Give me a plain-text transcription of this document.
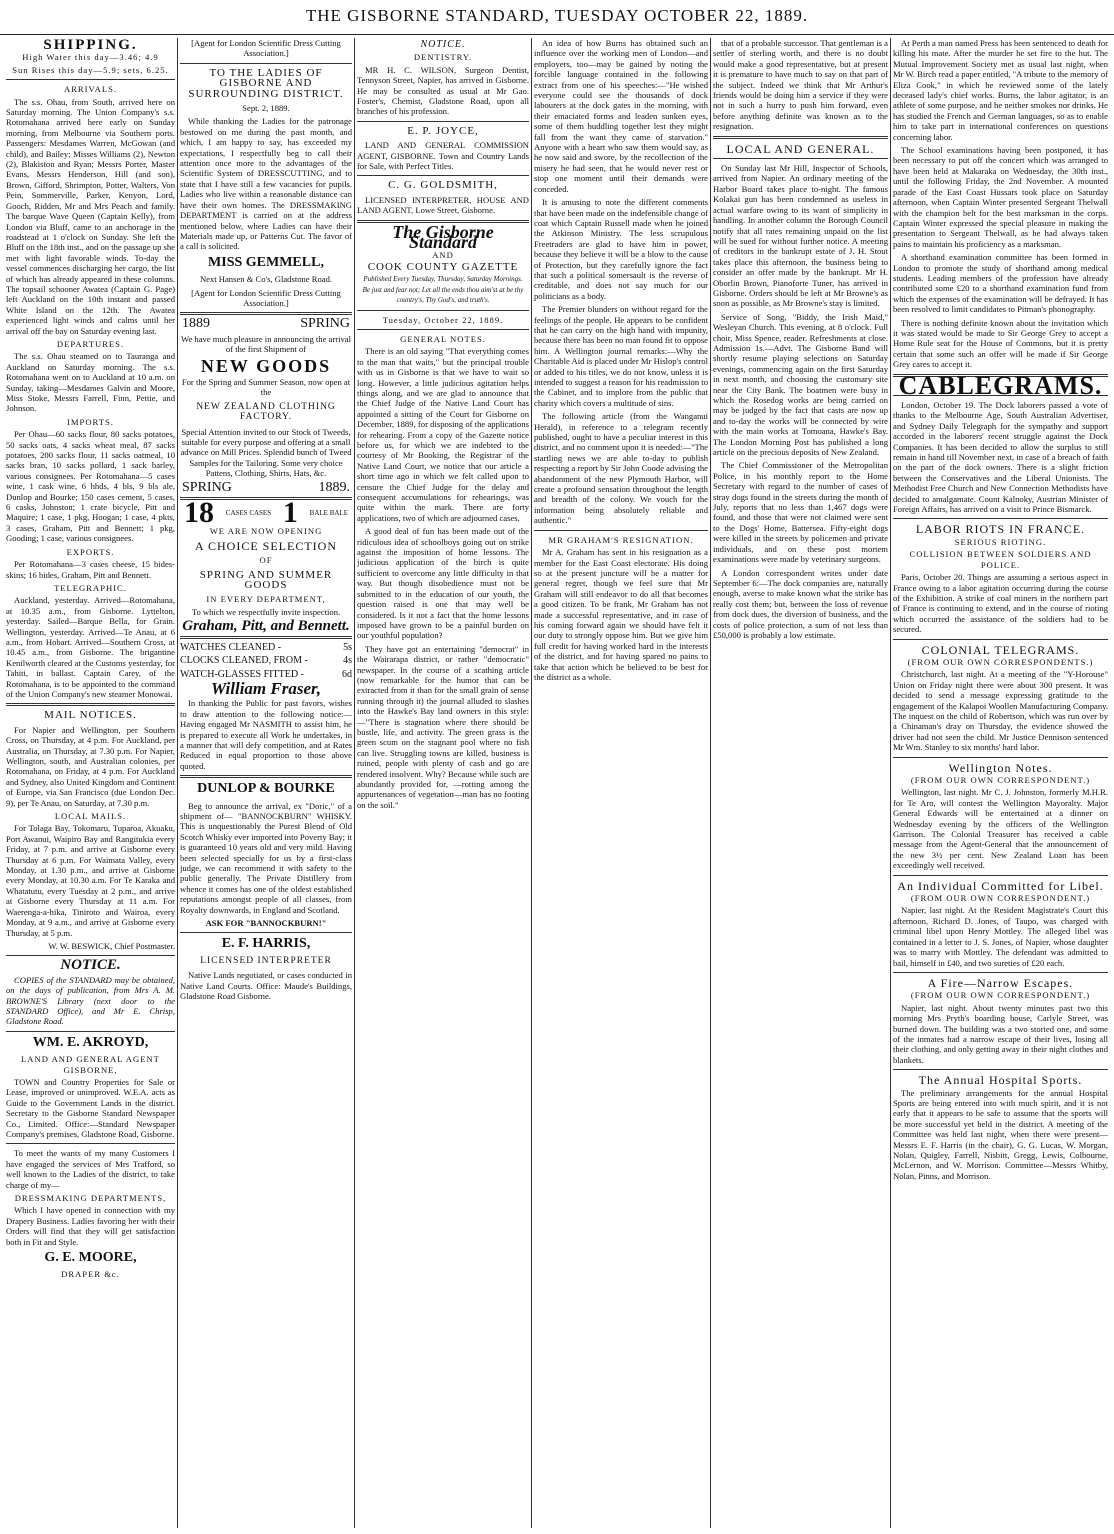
THE GISBORNE STANDARD, TUESDAY OCTOBER 22, 1889.
SHIPPING.
High Water this day—3.46; 4.9
Sun Rises this day—5.9; sets, 6.25.
ARRIVALS.

The s.s. Ohau, from South, arrived here on Saturday morning. The Union Company's s.s. Rotomahana arrived here early on Sunday morning, from Melbourne via Southern ports. Passengers: Mesdames Warren, McGowan (and child), and Bailey; Misses Williams (2), Newton (2), Blakiston and Ryan; Messrs Porter, Master Evans, Messrs Henderson, Hill (and son), Brown, Gifford, Shrimpton, Potter, Walters, Von Pein, Sommerville, Parker, Kenyon, Lord, Gooch, Ridden, Mr and Mrs Peach and family. The barque Wave Queen (Captain Kelly), from London via Bluff, came to an anchorage in the roadstead at 1 o'clock on Sunday. She left the Bluff on the 18th inst., and on the passage up she met with light favorable winds. To-day the vessel commences discharging her cargo, the list of which has already appeared in these columns. The topsail schooner Awatea (Captain G. Page) left Auckland on the 10th instant and passed White Island on the 12th. The Awatea experienced light winds and calms until her arrival off the bay on Saturday evening last.

DEPARTURES.

The s.s. Ohau steamed on to Tauranga and Auckland on Saturday morning. The s.s. Rotomahana went on to Auckland at 10 a.m. on Sunday, taking—Mesdames Galvin and Moore, Miss Stoke, Messrs Farrell, Finn, Pettie, and Johnson.

IMPORTS.

Per Ohau—60 sacks flour, 80 sacks potatoes, 50 sacks oats, 4 sacks wheat meal, 87 sacks potatoes, 200 sacks flour, 11 sacks oatmeal, 10 sacks bran, 10 sacks pollard, 1 sack barley, various consignees. Per Rotomahana—5 cases wine, 1 cask wine, 6 hhds, 4 bls, 9 bls ale, Dunlop and Bourke; 150 cases cement, 5 cases, 6 casks, Johnston; 1 crate bicycle, Pitt and Maquire; 1 case, 1 pkg, Hoogan; 1 case, 4 pkts, 3 cases, Graham, Pitt and Bennett; 1 pkg, Gooding; 1 case, various consignees.

EXPORTS.

Per Rotomahana—3 cases cheese, 15 bides-skins; 16 bides, Graham, Pitt and Bennett.

TELEGRAPHIC.

Auckland, yesterday. Arrived—Rotomahana, at 10.35 a.m., from Gisborne. Lyttelton, yesterday. Sailed—Barque Bella, for Grain. Wellington, yesterday. Arrived—Te Anau, at 6 a.m., from Hobart. Arrived—Southern Cross, at 10.45 a.m., from Gisborne. The brigantine Kenilworth cleared at the Customs yesterday, for Tahiti, in ballast. Captain Carey, of the Rotomahana, is to be appointed to the command of the Union Company's new steamer Monowai.

MAIL NOTICES.

For Napier and Wellington, per Southern Cross, on Thursday, at 4 p.m. For Auckland, per Australia, on Thursday, at 7.30 p.m. For Napier, Wellington, south, and Australian colonies, per Rotomahana, on Friday, at 4 p.m. For Auckland and Sydney, also United Kingdom and Continent of Europe, via San Francisco (due London Dec. 9), per Te Anau, on Saturday, at 7.30 p.m.

LOCAL MAILS.

For Tolaga Bay, Tokomaru, Tuparoa, Akuaku, Port Awanui, Waipiro Bay and Rangitukia every Friday, at 7 p.m. and arrive at Gisborne every Thursday at 6 p.m. For Waimata Valley, every Monday, at 1.30 p.m., and arrive at Gisborne every Monday, at 10.30 a.m. For Te Karaka and Whatatutu, every Tuesday at 2 p.m., and arrive at Gisborne every Thursday at 11 a.m. For Waerenga-a-hika, Tiniroto and Wairoa, every Monday, at 9 a.m., and arrive at Gisborne every Thursday, at 5 p.m.

W. W. BESWICK, Chief Postmaster.

NOTICE.

COPIES of the STANDARD may be obtained, on the days of publication, from Mrs A. M. BROWNE'S Library (next door to the STANDARD Office), and Mr E. Chrisp, Gladstone Road.

WM. E. AKROYD,
LAND AND GENERAL AGENT GISBORNE,

TOWN and Country Properties for Sale or Lease, improved or unimproved. W.E.A. acts as Guide to the Government Lands in the district. Secretary to the Gisborne Standard Newspaper Co., Limited. Office:—Standard Newspaper Company's premises, Gladstone Road, Gisborne.

To meet the wants of my many Customers I have engaged the services of Mrs Trafford, so well known to the Ladies of the district, to take charge of my—

DRESSMAKING DEPARTMENTS,

Which I have opened in connection with my Drapery Business. Ladies favoring her with their Orders will find that they will get satisfaction both in Fit and Style.

G. E. MOORE,
DRAPER &c.

[Agent for London Scientific Dress Cutting Association.]

TO THE LADIES OF GISBORNE AND SURROUNDING DISTRICT.

Sept. 2, 1889.

While thanking the Ladies for the patronage bestowed on me during the past month, and which, I am happy to say, has exceeded my expectations, I respectfully beg to call their attention once more to the advantages of the Scientific System of DRESSCUTTING, and to state that I have still a few vacancies for pupils. Ladies who live within a reasonable distance can have their own homes. The DRESSMAKING DEPARTMENT is carried on at the address mentioned below, where Ladies can have their Materials made up, or Patterns Cut. The favor of a call is solicited.

MISS GEMMELL,

Next Hansen & Co's, Gladstone Road.

[Agent for London Scientific Dress Cutting Association.]

1889	SPRING

We have much pleasure in announcing the arrival of the first Shipment of

NEW GOODS

For the Spring and Summer Season, now open at the

NEW ZEALAND CLOTHING FACTORY.

Special Attention invited to our Stock of Tweeds, suitable for every purpose and offering at a small advance on Mill Prices. Splendid bunch of Tweed Samples for the Tailoring. Some very choice Pattens, Clothing, Shirts, Hats, &c.

SPRING	1889.
18 CASES CASES 1 BALE BALE
WE ARE NOW OPENING
A CHOICE SELECTION
OF
SPRING AND SUMMER GOODS
IN EVERY DEPARTMENT,

To which we respectfully invite inspection.

Graham, Pitt, and Bennett.
WATCHES CLEANED -	5s
CLOCKS CLEANED, FROM -	4s
WATCH-GLASSES FITTED -	6d
William Fraser,

In thanking the Public for past favors, wishes to draw attention to the following notice:— Having engaged Mr NASMITH to assist him, he is prepared to execute all Work he undertakes, in a manner that will defy competition, and at Rates Reduced in equal proportion to those above quoted.

DUNLOP & BOURKE

Beg to announce the arrival, ex "Doric," of a shipment of— "BANNOCKBURN" WHISKY. This is unquestionably the Purest Blend of Old Scotch Whisky ever imported into Poverty Bay; it is guaranteed 10 years old and very mild. Having been selected specially for us by a first-class judge, we can recommend it with safety to the public generally. The Private Distillery from whence it comes has one of the oldest established reputations amongst people of all classes, from Royalty downwards, in England and Scotland.

ASK FOR "BANNOCKBURN!"

E. F. HARRIS,
LICENSED INTERPRETER

Native Lands negotiated, or cases conducted in Native Land Courts. Office: Maude's Buildings, Gladstone Road Gisborne.

NOTICE.
DENTISTRY.

MR H. C. WILSON, Surgeon Dentist, Tennyson Street, Napier, has arrived in Gisborne. He may be consulted as usual at Mr Gao. Foster's, Chemist, Gladstone Road, upon all branches of his profession.

E. P. JOYCE,

LAND AND GENERAL COMMISSION AGENT, GISBORNE. Town and Country Lands for Sale, with Perfect Titles.

C. G. GOLDSMITH,

LICENSED INTERPRETER, HOUSE AND LAND AGENT, Lowe Street, Gisborne.

The Gisborne Standard
AND
COOK COUNTY GAZETTE
Published Every Tuesday, Thursday, Saturday Mornings.
Be just and fear not; Let all the ends thou aim'st at be thy country's, Thy God's, and truth's.
Tuesday, October 22, 1889.
GENERAL NOTES.

There is an old saying "That everything comes to the man that waits," but the principal trouble with us in Gisborne is that we have to wait so long. However, a little judicious agitation helps things along, and we are glad to announce that the Chief Judge of the Native Land Court has appointed a sitting of the Court for Gisborne on December, 1889, for disposing of the applications for rehearing. From a copy of the Gazette notice before us, for which we are indebted to the courtesy of Mr Booking, the Registrar of the Native Land Court, we notice that our article a short time ago in which we felt called upon to censure the Chief Judge for the delay and consequent accumulations for rehearings, was quite within the mark. There are forty applications, two of which are adjourned cases.

A good deal of fun has been made out of the ridiculous idea of schoolboys going out on strike against the imposition of home lessons. The judicious application of the birch is quite sufficient to overcome any little difficulty in that way. But though disobedience must not be submitted to in the education of our youth, the question raised is one that may well be considered. Is it not a fact that the home lessons imposed have grown to be a painful burden on our youthful population?

They have got an entertaining "democrat" in the Wairarapa district, or rather "democratic" newspaper. In the course of a scathing article (now remarkable for the humor that can be extracted from it than for the small grain of sense running through it) the journal alluded to slashes into the Hawke's Bay land owners in this style:—"There is stagnation where there should be bustle, life, and activity. The green grass is the green scum on the stagnant pool where no fish can live. Struggling towns are killed, business is ruined, people with plenty of cash and go are rendered insolvent. Why? Because while such are abundantly provided for, —rotting among the appurtenances of vegetation—man has no footing on the soil."

An idea of how Burns has obtained such an influence over the working men of London—and employers, too—may be gained by noting the forcible language contained in the following extract from one of his speeches:—"He wished everyone could see the thousands of dock labourers at the dock gates in the morning, with their emaciated forms and leaden sunken eyes, some of them huddling together lest they might fall from the want they came of starvation." Anyone with a heart who saw them would say, as he now said and swore, by the recollection of the misery he had seen, that he would never rest or stop one moment until their demands were conceded.

It is amusing to note the different comments that have been made on the indefensible change of coat which Captain Russell made when he joined the Atkinson Ministry. The less scrupulous Freetraders are glad to have him in power, because they believe it will be a blow to the cause of Protection, but they carefully ignore the fact that such a political somersault is the reverse of creditable, and does not say much for our politicians as a body.

The Premier blunders on without regard for the feelings of the people. He appears to be confident that he can carry on the high hand with impunity, because there has been no man found fit to oppose him. A Wellington journal remarks:—Why the Charitable Aid is placed under Mr Hislop's control or added to his titles, we do not know, unless it is intended to suggest a reason for his readmission to the Cabinet, and to implore from the public that charity which covers a multitude of sins.

The following article (from the Wanganui Herald), in reference to a telegram recently published, ought to have a peculiar interest in this district, and no comment upon it is needed:—"The startling news we are able to-day to publish respecting a report by Sir John Coode advising the abandonment of the new Plymouth Harbor, will create a profound sensation throughout the length and breadth of the colony. We vouch for the information being absolutely reliable and authentic."

MR GRAHAM'S RESIGNATION.

Mr A. Graham has sent in his resignation as a member for the East Coast electorate. His doing so at the present juncture will be a matter for general regret, though we feel sure that Mr Graham will still endeavor to do all that becomes a good citizen. To be frank, Mr Graham has not made a successful representative, and in case of his coming forward again we should have felt it our duty to strongly oppose him. But we give him full credit for having worked hard in the interests of the district, and for having spared no pains to take that action which he believed to be best for the district as a whole.

that of a probable successor. That gentleman is a settler of sterling worth, and there is no doubt would make a good representative, but at present it is premature to have much to say on that part of the subject. Indeed we think that Mr Arthur's friends would be doing him a service if they were not in such a hurry to push him forward, even before anything definite was known as to the resignation.

LOCAL AND GENERAL.

On Sunday last Mr Hill, Inspector of Schools, arrived from Napier. An ordinary meeting of the Harbor Board takes place to-night. The famous Kolakai gun has been condemned as useless in actual warfare owing to its want of simplicity in handling. In another column the Borough Council notify that all rates remaining unpaid on the list will be sued for without further notice. A meeting of creditors in the bankrupt estate of J. H. Stout takes place this afternoon, the business being to consider an offer made by the bankrupt. Mr H. Oborlin Brown, Pianoforte Tuner, has arrived in Gisborne. Orders should be left at Mr Browne's as soon as possible, as Mr Browne's stay is limited.

Service of Song, "Biddy, the Irish Maid," Wesleyan Church. This evening, at 8 o'clock. Full choir, Miss Spence, reader. Refreshments at close. Admission 1s.—Advt. The Gisborne Band will shortly resume playing selections on Saturday evenings, commencing again on the first Saturday in next month, and choosing the customary site near the City Bank. The boatmen were busy in which the Rosedog works are being carried on may be judged by the fact that casts are now up and to-day the works will be connected by wire with the main works at Tomoana, Hawke's Bay. The London Morning Post has published a long article on the precious deposits of New Zealand.

The Chief Commissioner of the Metropolitan Police, in his monthly report to the Home Secretary with regard to the number of cases of stray dogs found in the streets during the month of July, reports that no less than 1,467 dogs were found, and those that were not claimed were sent to the Dogs' Home, Battersea. Fifty-eight dogs were killed in the streets by policemen and private individuals, and on these post mortem examinations were made by veterinary surgeons.

A London correspondent writes under date September 6:—The dock companies are, naturally enough, averse to make known what the strike has really cost them; but, between the loss of revenue from dock dues, the diversion of business, and the costs of police protection, a sum of not less than £50,000 is probably a low estimate.

At Perth a man named Press has been sentenced to death for killing his mate. After the murder he set fire to the hut. The Mutual Improvement Society met as usual last night, when Mr W. Birch read a paper entitled, "A tribute to the memory of Eliza Cook," in which he reviewed some of the lately deceased lady's chief works. Burns, the labor agitator, is an athlete of some purpose, and he neither smokes nor drinks. He has studied the French and German languages, so as to enable him to take part in international conferences on questions concerning labor.

The School examinations having been postponed, it has been necessary to put off the concert which was arranged to have been held at Makaraka on Wednesday, the 30th inst., until the following Friday, the 2nd November. A mounted parade of the East Coast Hussars took place on Saturday afternoon, when Captain Winter presented Sergeant Thelwall with the champion belt for the best marksman in the corps. Captain Winter expressed the special pleasure in making the presentation to Sergeant Thelwall, as he had always taken pains to maintain his proficiency as a marksman.

A shorthand examination committee has been formed in London to promote the study of shorthand among medical students. Leading members of the profession have already contributed some £20 to a shorthand examination fund from which the expenses of the examination will be defrayed. It has been resolved to limit candidates to Pitman's phonography.

There is nothing definite known about the invitation which it was stated would be made to Sir George Grey to accept a Home Rule seat for the House of Commons, but it is pretty certain that some such an offer will be made if Sir George Grey cares to accept it.

CABLEGRAMS.

London, October 19. The Dock laborers passed a vote of thanks to the Melbourne Age, South Australian Advertiser, and Sydney Daily Telegraph for the sympathy and support accorded in the laborers' recent struggle against the Dock Companies. It has been decided to allow the surplus to still remain in hand till November next, in case of a breach of faith on the part of the dock owners. There is a slight friction between the Conservatives and the Liberal Unionists. The Methodist Free Church and New Connection Methodists have decided to amalgamate. Count Kalnoky, Austrian Minister of Foreign Affairs, has arrived on a visit to Prince Bismarck.

LABOR RIOTS IN FRANCE.
SERIOUS RIOTING.
COLLISION BETWEEN SOLDIERS AND POLICE.

Paris, October 20. Things are assuming a serious aspect in France owing to a labor agitation occurring during the course of the Exhibition. A strike of coal miners in the northern part of France is continuing to extend, and in the course of rioting which occurred the assistance of the soldiers had to be secured.

COLONIAL TELEGRAMS.
(FROM OUR OWN CORRESPONDENTS.)

Christchurch, last night. At a meeting of the "Y-Horouse" Union on Friday night there were about 300 present. It was decided to send a message expressing gratitude to the engagement of the Kalapoi Woollen Manufacturing Company. The inquest on the child of Robertson, which was run over by a Chinaman's dray on Thursday, the evidence showed the driver had not seen the child. Mr Justice Dennison sentenced Mr Wm. Stanley to six months' hard labor.

Wellington Notes.
(FROM OUR OWN CORRESPONDENT.)

Wellington, last night. Mr C. J. Johnston, formerly M.H.R. for Te Aro, will contest the Wellington Mayoralty. Major General Edwards will be entertained at a dinner on Wednesday evening by the officers of the Wellington Garrison. The Colonial Treasurer has received a cable message from the Agent-General that the announcement of the new 3½ per cent. New Zealand Loan has been exceedingly well received.

An Individual Committed for Libel.
(FROM OUR OWN CORRESPONDENT.)

Napier, last night. At the Resident Magistrate's Court this afternoon, Richard D. Jones, of Taupo, was charged with criminal libel upon Henry Mottley. The alleged libel was contained in a letter to J. S. Jones, of Napier, whose daughter was to marry with Mottley. The defendant was admitted to bail, himself in £40, and two sureties of £20 each.

A Fire—Narrow Escapes.
(FROM OUR OWN CORRESPONDENT.)

Napier, last night. About twenty minutes past two this morning Mrs Pryth's boarding house, Carlyle Street, was burned down. The building was a two storied one, and some of the inmates had a narrow escape of their lives, losing all their clothing, and only getting away in their night clothes and blankets.

The Annual Hospital Sports.

The preliminary arrangements for the annual Hospital Sports are being entered into with much spirit, and it is not early that it appears to be safe to assume that the sports will be more successful yet held in the district. A meeting of the Committee was held last night, when there were present—Messrs E. F. Harris (in the chair), G. G. Lucas, W. Morgan, Nolan, Quigley, Farrell, Nisbitt, Gregg, Lewis, Colbourne, McLernon, and W. Morrison. Committee—Messrs Whitby, Nolan, Pinns, and Morrison.
